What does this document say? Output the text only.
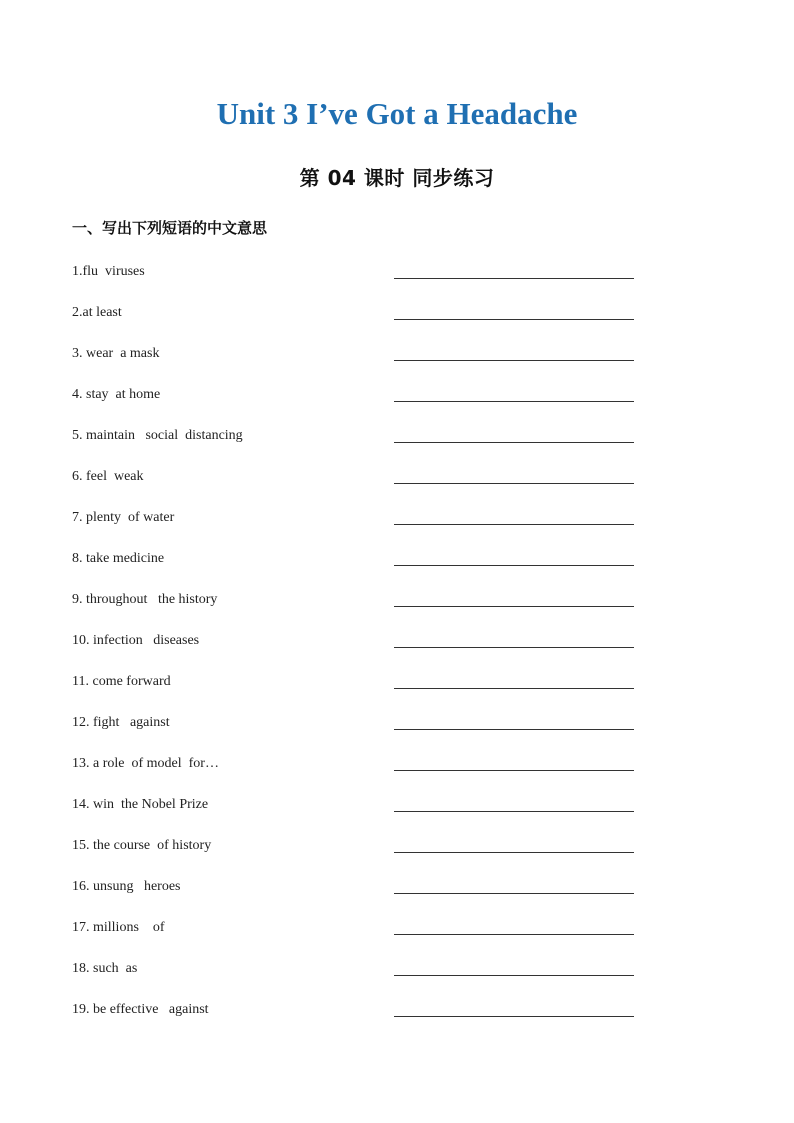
Unit 3 I’ve Got a Headache
第 04 课时 同步练习
一、写出下列短语的中文意思
1.flu  viruses
2.at least
3. wear  a mask
4. stay  at home
5. maintain   social  distancing
6. feel  weak
7. plenty  of water
8. take medicine
9. throughout   the history
10. infection   diseases
11. come forward
12. fight   against
13. a role  of model  for…
14. win  the Nobel Prize
15. the course  of history
16. unsung   heroes
17. millions    of
18. such  as
19. be effective   against
